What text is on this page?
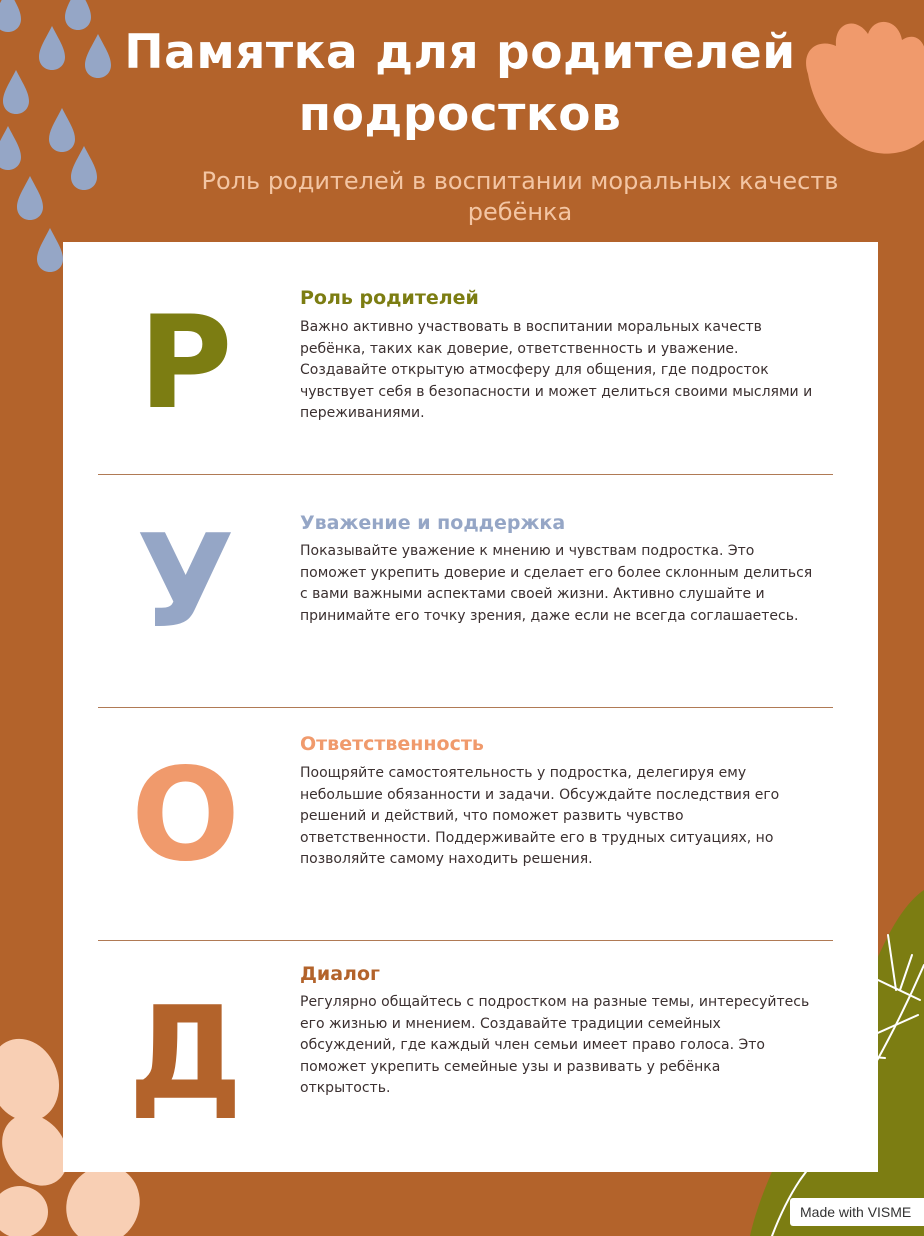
Памятка для родителей
подростков
Роль родителей в воспитании моральных качеств
ребёнка
Р	Роль родителей
Важно активно участвовать в воспитании моральных качеств ребёнка, таких как доверие, ответственность и уважение. Создавайте открытую атмосферу для общения, где подросток чувствует себя в безопасности и может делиться своими мыслями и переживаниями.
У	Уважение и поддержка
Показывайте уважение к мнению и чувствам подростка. Это поможет укрепить доверие и сделает его более склонным делиться с вами важными аспектами своей жизни. Активно слушайте и принимайте его точку зрения, даже если не всегда соглашаетесь.
О	Ответственность
Поощряйте самостоятельность у подростка, делегируя ему небольшие обязанности и задачи. Обсуждайте последствия его решений и действий, что поможет развить чувство ответственности. Поддерживайте его в трудных ситуациях, но позволяйте самому находить решения.
Д
Диалог
Регулярно общайтесь с подростком на разные темы, интересуйтесь его жизнью и мнением. Создавайте традиции семейных обсуждений, где каждый член семьи имеет право голоса. Это поможет укрепить семейные узы и развивать у ребёнка открытость.
Made with VISME
